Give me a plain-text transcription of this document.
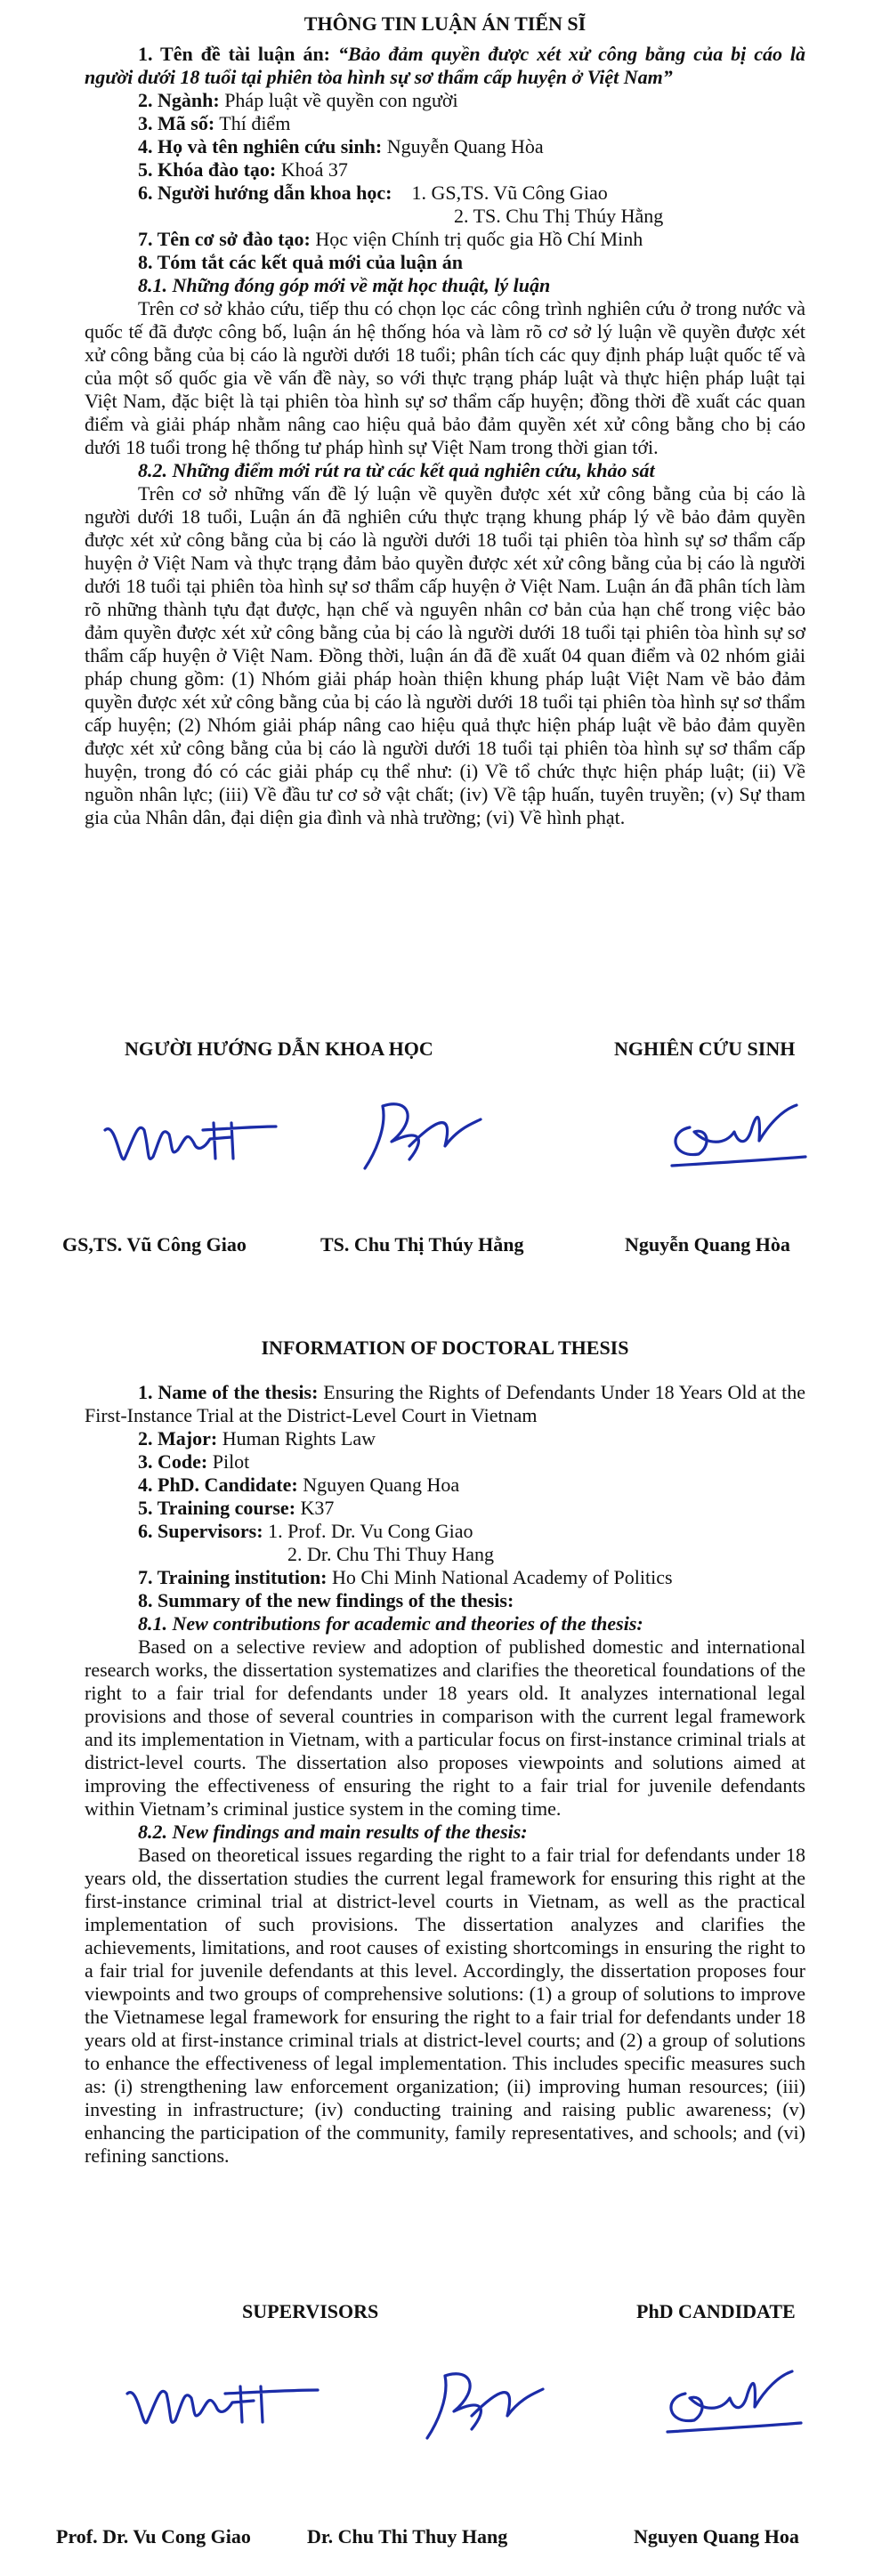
THÔNG TIN LUẬN ÁN TIẾN SĨ

1. Tên đề tài luận án: “Bảo đảm quyền được xét xử công bằng của bị cáo là người dưới 18 tuổi tại phiên tòa hình sự sơ thẩm cấp huyện ở Việt Nam”

2. Ngành: Pháp luật về quyền con người

3. Mã số: Thí điểm

4. Họ và tên nghiên cứu sinh: Nguyễn Quang Hòa

5. Khóa đào tạo: Khoá 37

6. Người hướng dẫn khoa học: 1. GS,TS. Vũ Công Giao

2. TS. Chu Thị Thúy Hằng

7. Tên cơ sở đào tạo: Học viện Chính trị quốc gia Hồ Chí Minh

8. Tóm tắt các kết quả mới của luận án

8.1. Những đóng góp mới về mặt học thuật, lý luận

Trên cơ sở khảo cứu, tiếp thu có chọn lọc các công trình nghiên cứu ở trong nước và quốc tế đã được công bố, luận án hệ thống hóa và làm rõ cơ sở lý luận về quyền được xét xử công bằng của bị cáo là người dưới 18 tuổi; phân tích các quy định pháp luật quốc tế và của một số quốc gia về vấn đề này, so với thực trạng pháp luật và thực hiện pháp luật tại Việt Nam, đặc biệt là tại phiên tòa hình sự sơ thẩm cấp huyện; đồng thời đề xuất các quan điểm và giải pháp nhằm nâng cao hiệu quả bảo đảm quyền xét xử công bằng cho bị cáo dưới 18 tuổi trong hệ thống tư pháp hình sự Việt Nam trong thời gian tới.

8.2. Những điểm mới rút ra từ các kết quả nghiên cứu, khảo sát

Trên cơ sở những vấn đề lý luận về quyền được xét xử công bằng của bị cáo là người dưới 18 tuổi, Luận án đã nghiên cứu thực trạng khung pháp lý về bảo đảm quyền được xét xử công bằng của bị cáo là người dưới 18 tuổi tại phiên tòa hình sự sơ thẩm cấp huyện ở Việt Nam và thực trạng đảm bảo quyền được xét xử công bằng của bị cáo là người dưới 18 tuổi tại phiên tòa hình sự sơ thẩm cấp huyện ở Việt Nam. Luận án đã phân tích làm rõ những thành tựu đạt được, hạn chế và nguyên nhân cơ bản của hạn chế trong việc bảo đảm quyền được xét xử công bằng của bị cáo là người dưới 18 tuổi tại phiên tòa hình sự sơ thẩm cấp huyện ở Việt Nam. Đồng thời, luận án đã đề xuất 04 quan điểm và 02 nhóm giải pháp chung gồm: (1) Nhóm giải pháp hoàn thiện khung pháp luật Việt Nam về bảo đảm quyền được xét xử công bằng của bị cáo là người dưới 18 tuổi tại phiên tòa hình sự sơ thẩm cấp huyện; (2) Nhóm giải pháp nâng cao hiệu quả thực hiện pháp luật về bảo đảm quyền được xét xử công bằng của bị cáo là người dưới 18 tuổi tại phiên tòa hình sự sơ thẩm cấp huyện, trong đó có các giải pháp cụ thể như: (i) Về tổ chức thực hiện pháp luật; (ii) Về nguồn nhân lực; (iii) Về đầu tư cơ sở vật chất; (iv) Về tập huấn, tuyên truyền; (v) Sự tham gia của Nhân dân, đại diện gia đình và nhà trường; (vi) Về hình phạt.

NGƯỜI HƯỚNG DẪN KHOA HỌC	NGHIÊN CỨU SINH
GS,TS. Vũ Công Giao	TS. Chu Thị Thúy Hằng	Nguyễn Quang Hòa

INFORMATION OF DOCTORAL THESIS

1. Name of the thesis: Ensuring the Rights of Defendants Under 18 Years Old at the First-Instance Trial at the District-Level Court in Vietnam

2. Major: Human Rights Law

3. Code: Pilot

4. PhD. Candidate: Nguyen Quang Hoa

5. Training course: K37

6. Supervisors: 1. Prof. Dr. Vu Cong Giao

2. Dr. Chu Thi Thuy Hang

7. Training institution: Ho Chi Minh National Academy of Politics

8. Summary of the new findings of the thesis:

8.1. New contributions for academic and theories of the thesis:

Based on a selective review and adoption of published domestic and international research works, the dissertation systematizes and clarifies the theoretical foundations of the right to a fair trial for defendants under 18 years old. It analyzes international legal provisions and those of several countries in comparison with the current legal framework and its implementation in Vietnam, with a particular focus on first-instance criminal trials at district-level courts. The dissertation also proposes viewpoints and solutions aimed at improving the effectiveness of ensuring the right to a fair trial for juvenile defendants within Vietnam’s criminal justice system in the coming time.

8.2. New findings and main results of the thesis:

Based on theoretical issues regarding the right to a fair trial for defendants under 18 years old, the dissertation studies the current legal framework for ensuring this right at the first-instance criminal trial at district-level courts in Vietnam, as well as the practical implementation of such provisions. The dissertation analyzes and clarifies the achievements, limitations, and root causes of existing shortcomings in ensuring the right to a fair trial for juvenile defendants at this level. Accordingly, the dissertation proposes four viewpoints and two groups of comprehensive solutions: (1) a group of solutions to improve the Vietnamese legal framework for ensuring the right to a fair trial for defendants under 18 years old at first-instance criminal trials at district-level courts; and (2) a group of solutions to enhance the effectiveness of legal implementation. This includes specific measures such as: (i) strengthening law enforcement organization; (ii) improving human resources; (iii) investing in infrastructure; (iv) conducting training and raising public awareness; (v) enhancing the participation of the community, family representatives, and schools; and (vi) refining sanctions.

SUPERVISORS	PhD CANDIDATE
Prof. Dr. Vu Cong Giao	Dr. Chu Thi Thuy Hang	Nguyen Quang Hoa
